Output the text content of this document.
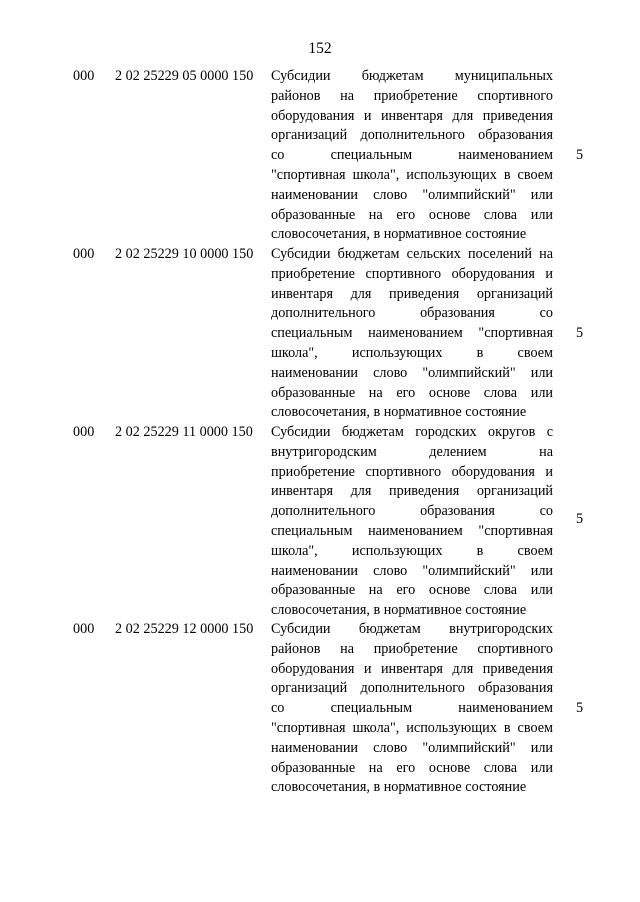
152
000 2 02 25229 05 0000 150 Субсидии бюджетам муниципальных
районов на приобретение спортивного
оборудования и инвентаря для приведения
организаций дополнительного образования
со специальным наименованием
"спортивная школа", использующих в своем
наименовании слово "олимпийский" или
образованные на его основе слова или
словосочетания, в нормативное состояние
5
000 2 02 25229 10 0000 150 Субсидии бюджетам сельских поселений на
приобретение спортивного оборудования и
инвентаря для приведения организаций
дополнительного образования со
специальным наименованием "спортивная
школа", использующих в своем
наименовании слово "олимпийский" или
образованные на его основе слова или
словосочетания, в нормативное состояние
5
000 2 02 25229 11 0000 150 Субсидии бюджетам городских округов с
внутригородским делением на
приобретение спортивного оборудования и
инвентаря для приведения организаций
дополнительного образования со
специальным наименованием "спортивная
школа", использующих в своем
наименовании слово "олимпийский" или
образованные на его основе слова или
словосочетания, в нормативное состояние
5
000 2 02 25229 12 0000 150 Субсидии бюджетам внутригородских
районов на приобретение спортивного
оборудования и инвентаря для приведения
организаций дополнительного образования
со специальным наименованием
"спортивная школа", использующих в своем
наименовании слово "олимпийский" или
образованные на его основе слова или
словосочетания, в нормативное состояние
5
